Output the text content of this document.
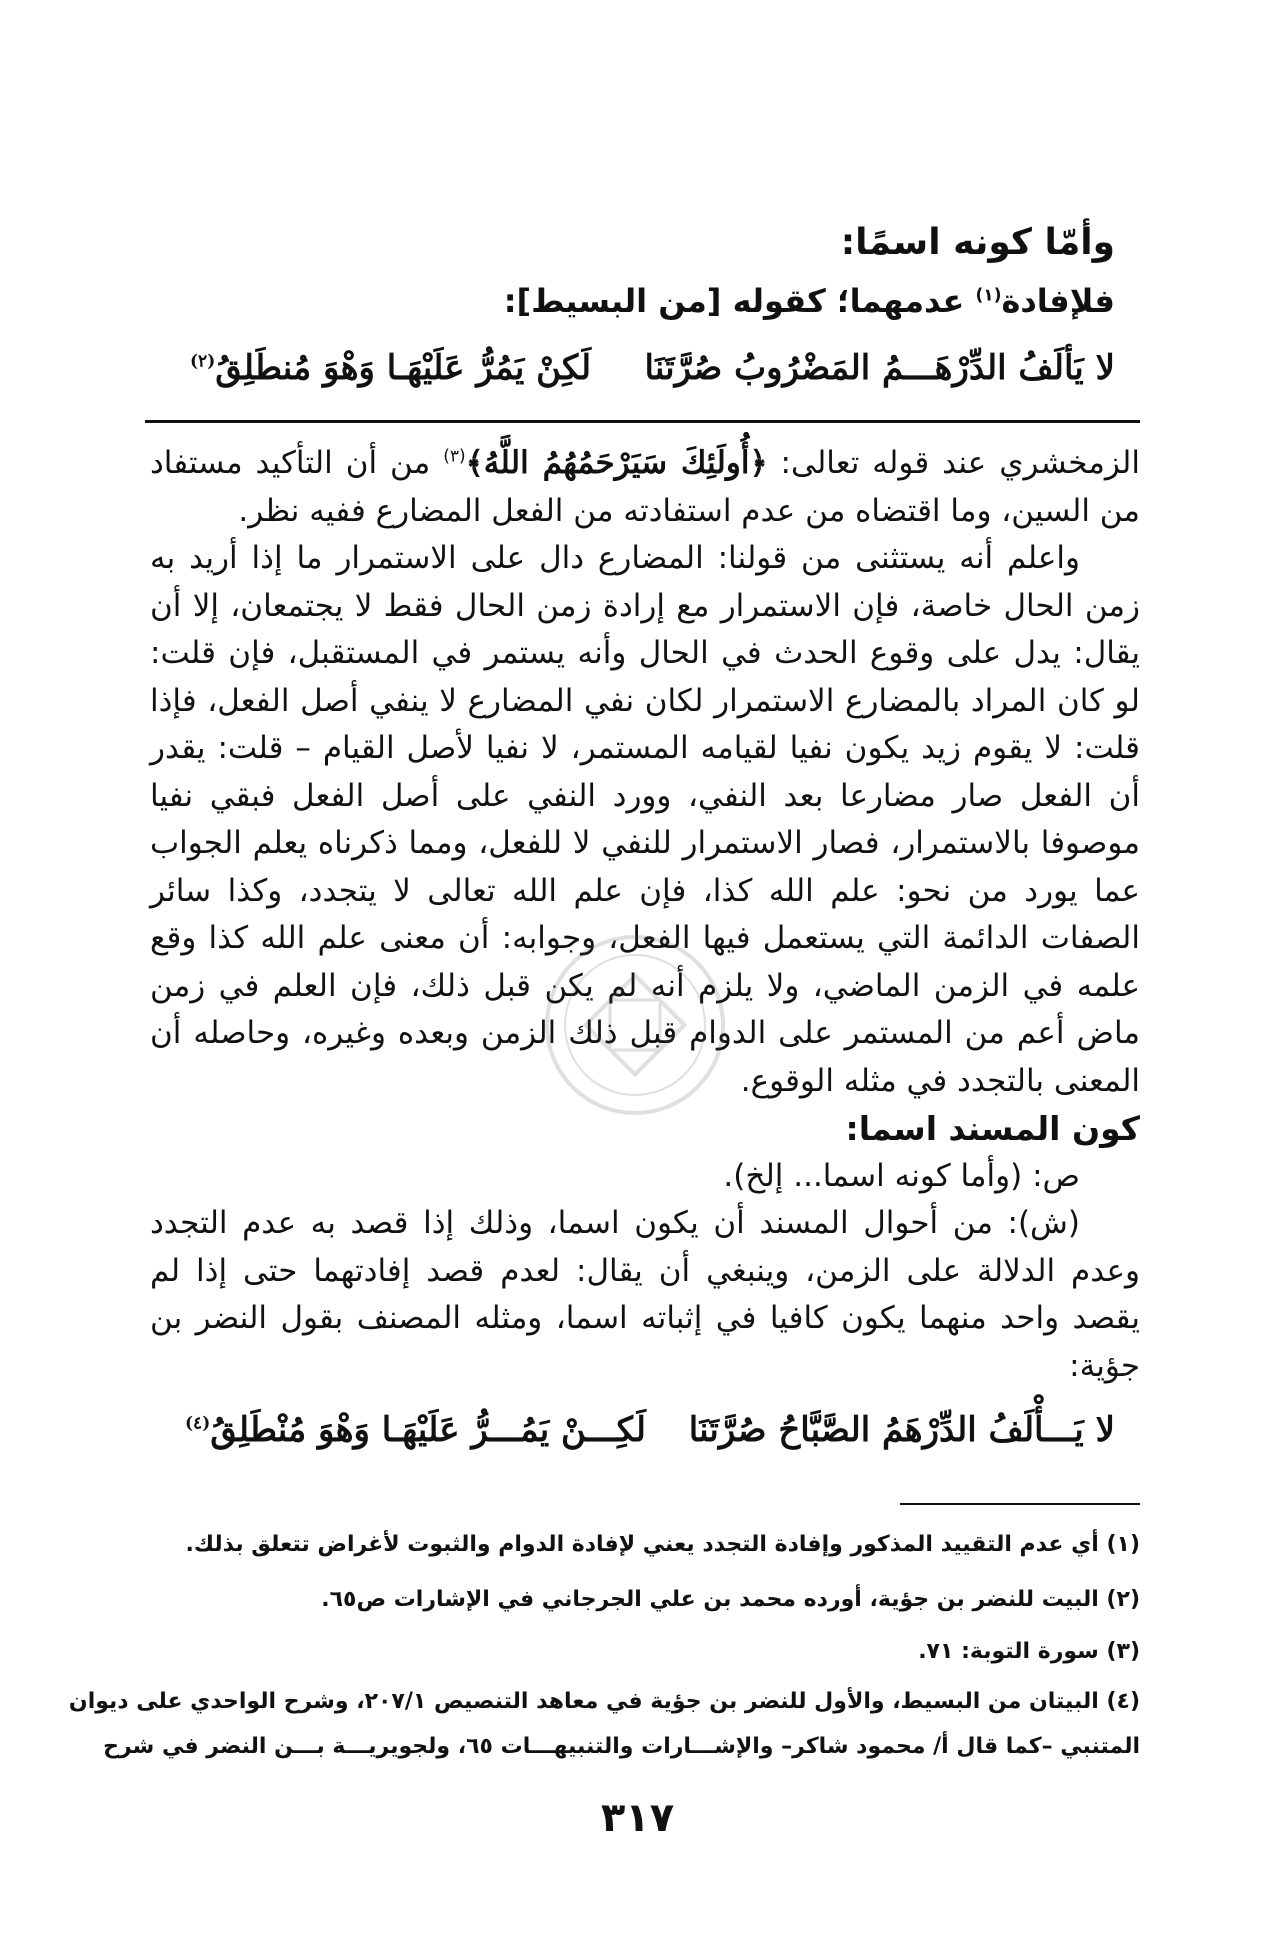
وأمّا كونه اسمًا:
فلإفادة$^{(١)}$ عدمهما؛ كقوله [من البسيط]:
لا يَألَفُ الدِّرْهَـــمُ المَضْرُوبُ صُرَّتَنَا
لَكِنْ يَمُرُّ عَلَيْهَـا وَهْوَ مُنطَلِقُ$^{(٢)}$

الزمخشري عند قوله تعالى: ﴿أُولَئِكَ سَيَرْحَمُهُمُ اللَّهُ﴾$^{(٣)}$ من أن التأكيد مستفاد من السين، وما اقتضاه من عدم استفادته من الفعل المضارع ففيه نظر.

واعلم أنه يستثنى من قولنا: المضارع دال على الاستمرار ما إذا أريد به زمن الحال خاصة، فإن الاستمرار مع إرادة زمن الحال فقط لا يجتمعان، إلا أن يقال: يدل على وقوع الحدث في الحال وأنه يستمر في المستقبل، فإن قلت: لو كان المراد بالمضارع الاستمرار لكان نفي المضارع لا ينفي أصل الفعل، فإذا قلت: لا يقوم زيد يكون نفيا لقيامه المستمر، لا نفيا لأصل القيام – قلت: يقدر أن الفعل صار مضارعا بعد النفي، وورد النفي على أصل الفعل فبقي نفيا موصوفا بالاستمرار، فصار الاستمرار للنفي لا للفعل، ومما ذكرناه يعلم الجواب عما يورد من نحو: علم الله كذا، فإن علم الله تعالى لا يتجدد، وكذا سائر الصفات الدائمة التي يستعمل فيها الفعل، وجوابه: أن معنى علم الله كذا وقع علمه في الزمن الماضي، ولا يلزم أنه لم يكن قبل ذلك، فإن العلم في زمن ماض أعم من المستمر على الدوام قبل ذلك الزمن وبعده وغيره، وحاصله أن المعنى بالتجدد في مثله الوقوع.

كون المسند اسما:

ص: (وأما كونه اسما... إلخ).

(ش): من أحوال المسند أن يكون اسما، وذلك إذا قصد به عدم التجدد وعدم الدلالة على الزمن، وينبغي أن يقال: لعدم قصد إفادتهما حتى إذا لم يقصد واحد منهما يكون كافيا في إثباته اسما، ومثله المصنف بقول النضر بن جؤية:

لا يَـــأْلَفُ الدِّرْهَمُ الصَّبَّاحُ صُرَّتَنَا
لَكِـــنْ يَمُـــرُّ عَلَيْهَـا وَهْوَ مُنْطَلِقُ$^{(٤)}$
(١) أي عدم التقييد المذكور وإفادة التجدد يعني لإفادة الدوام والثبوت لأغراض تتعلق بذلك.
(٢) البيت للنضر بن جؤية، أورده محمد بن علي الجرجاني في الإشارات ص٦٥.
(٣) سورة التوبة: ٧١.
(٤) البيتان من البسيط، والأول للنضر بن جؤية في معاهد التنصيص ٢٠٧/١، وشرح الواحدي على ديوان
المتنبي –كما قال أ/ محمود شاكر– والإشـــارات والتنبيهـــات ٦٥، ولجويريـــة بـــن النضر في شرح
٣١٧
